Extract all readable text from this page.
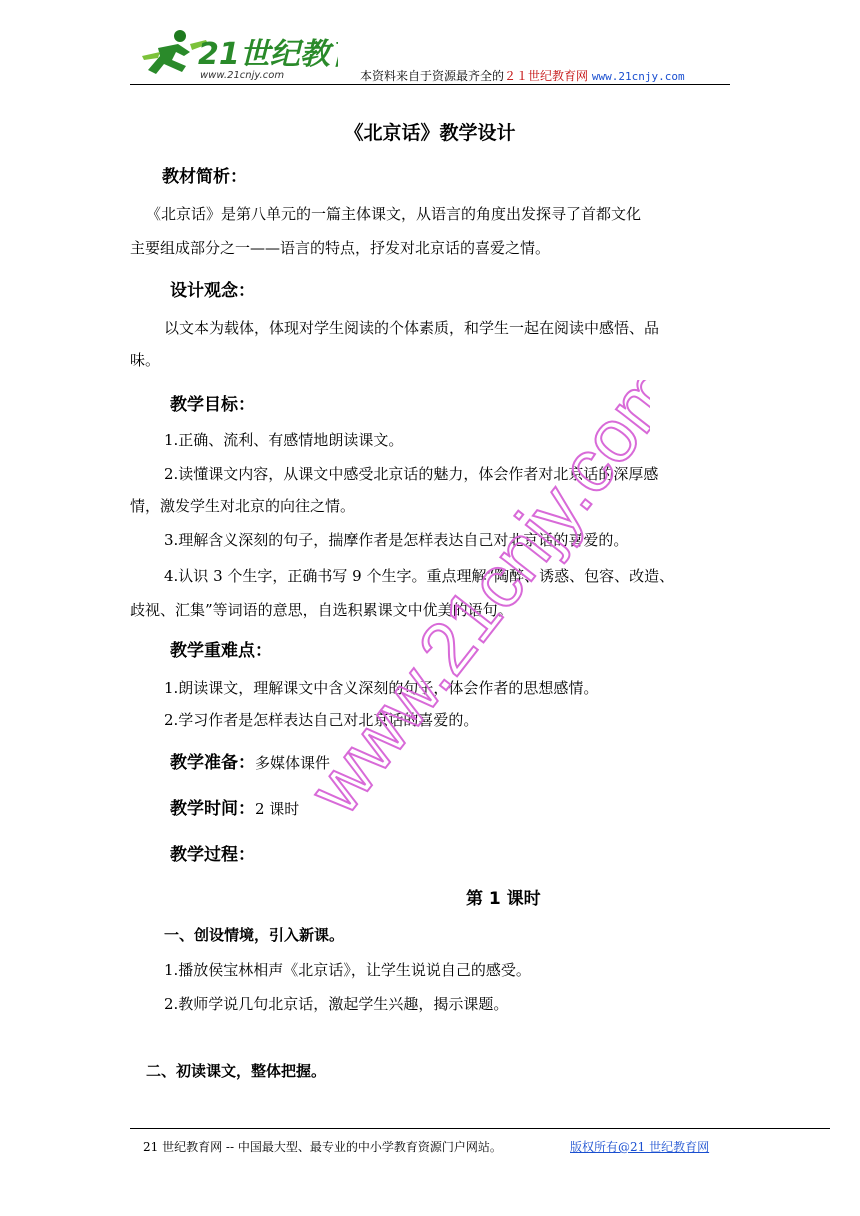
21世纪教
www.21cnjy.com	本资料来自于资源最齐全的２１世纪教育网 www.21cnjy.com
《北京话》教学设计
教材简析：
《北京话》是第八单元的一篇主体课文，从语言的角度出发探寻了首都文化
主要组成部分之一——语言的特点，抒发对北京话的喜爱之情。
设计观念：
以文本为载体，体现对学生阅读的个体素质，和学生一起在阅读中感悟、品
味。
教学目标：
1.正确、流利、有感情地朗读课文。
2.读懂课文内容，从课文中感受北京话的魅力，体会作者对北京话的深厚感
情，激发学生对北京的向往之情。
3.理解含义深刻的句子，揣摩作者是怎样表达自己对北京话的喜爱的。
4.认识 3 个生字，正确书写 9 个生字。重点理解“陶醉、诱惑、包容、改造、
歧视、汇集”等词语的意思，自选积累课文中优美的语句。
教学重难点：
1.朗读课文，理解课文中含义深刻的句子，体会作者的思想感情。
2.学习作者是怎样表达自己对北京话的喜爱的。
教学准备：多媒体课件
教学时间：2 课时
教学过程：
第 1 课时
一、创设情境，引入新课。
1.播放侯宝林相声《北京话》，让学生说说自己的感受。
2.教师学说几句北京话，激起学生兴趣，揭示课题。
二、初读课文，整体把握。
www.21cnjy.com
21 世纪教育网 -- 中国最大型、最专业的中小学教育资源门户网站。	版权所有@21 世纪教育网
